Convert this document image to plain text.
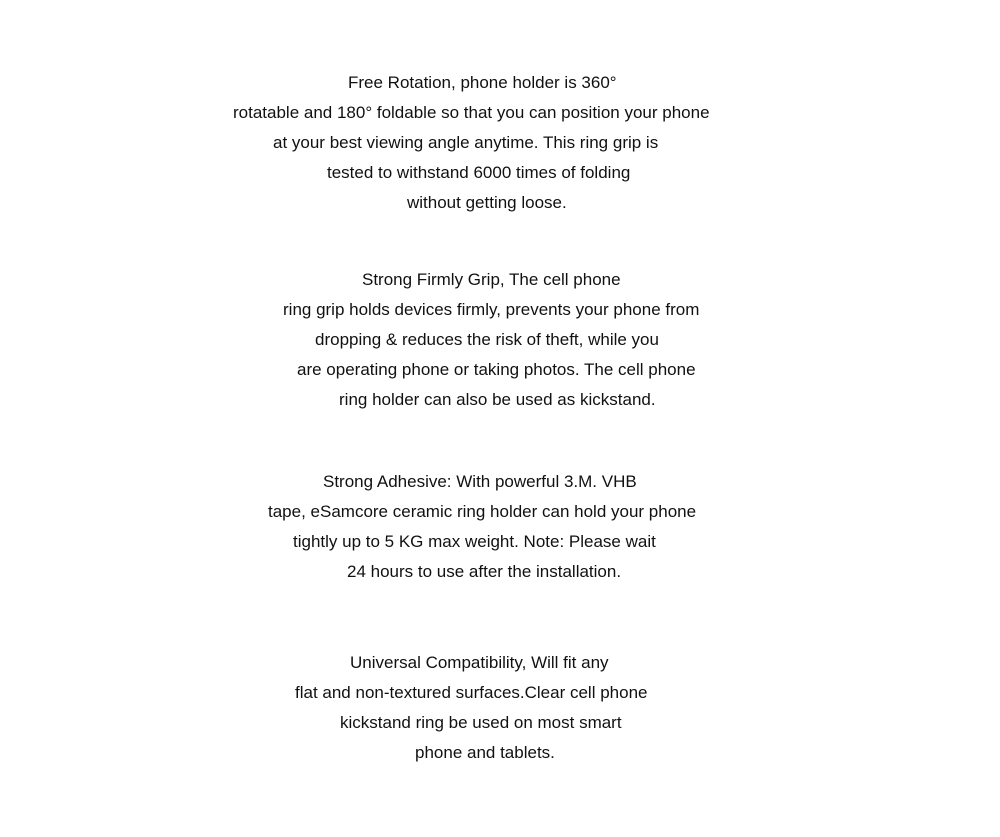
Free Rotation, phone holder is 360°
rotatable and 180° foldable so that you can position your phone
at your best viewing angle anytime. This ring grip is
tested to withstand 6000 times of folding
without getting loose.
Strong Firmly Grip, The cell phone
ring grip holds devices firmly, prevents your phone from
dropping & reduces the risk of theft, while you
are operating phone or taking photos. The cell phone
ring holder can also be used as kickstand.
Strong Adhesive: With powerful 3.M. VHB
tape, eSamcore ceramic ring holder can hold your phone
tightly up to 5 KG max weight. Note: Please wait
24 hours to use after the installation.
Universal Compatibility, Will fit any
flat and non-textured surfaces.Clear cell phone
kickstand ring be used on most smart
phone and tablets.
